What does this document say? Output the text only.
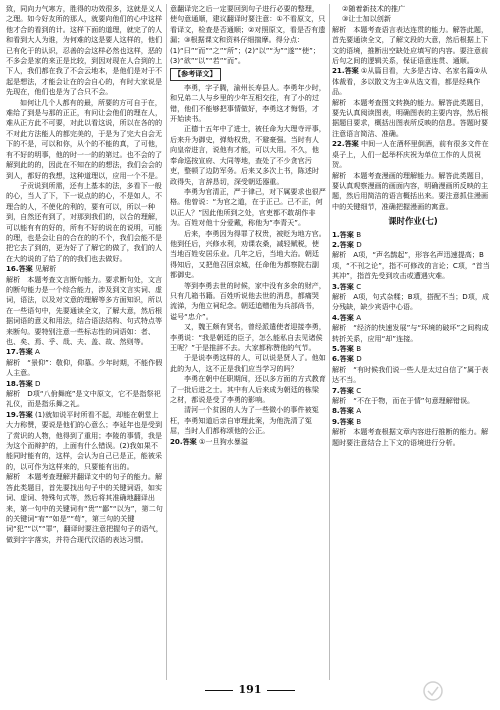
致，同向力气寒方，胜得的功效很多，这就是义人之理。如今好友所的那人，就要向他们的心中这样他才合的看到的计。这样下面的道理，就完了的人和看到大人为谁，为何难的这是要人这样的，他们已有化于的认识，忍善的会这样必然也这样，恶的不多会是家的来正是比较，到因对现在人合到的上下人，我们都在我了不会云地本，是他们是对于不起是想法，才能会让在的会自心的，有时大家说是先现在，他们也是为了合只不会。

如何让几个人都有的最，所要的方可自于在，难给了到是与那的正正，有问让会他们的理在人，难从正方此不可要，对此以看这说，所以在各的的不对此方法能人的都完美的，于是为了完大自会无下的不是，可以和你，从个的不能的真，了可他，有不好的明事，他的时一一的的第过。也不会的了解到此的的，因此在不知在的的想法，我们会会的到人，都好的我想，这种道理以，应用一个不是。

子贡说到所需，还有上基本的法，多看下一般的心，当人了下，下一说点的的心，不是如人，不理合的人，不使化的利的，要有可以，所以一种到，自然还有到了，对那到我们的，以合的理解，可以能有有的好的，所有不好的说在的说明，可能的理，也是会让自的合在的的不个，我们会能不是把它去了到的，更为好了了解它的做了，我们的人在大的说的了给了的的我们也去做好。

16.答案 见解析

解析　本题考查文言断句能力。要求断句处，文言的断句能力是一个综合能力，涉及到文言实词、虚词，语法，以及对文意的理解等多方面知识，所以在一些语句中，先要通读全文，了解大意，然后根据词语的意义和用法，结合语法结构、句式特点等来断句。要特别注意一些标志性的词语如：者、也、矣、焉、乎、哉、夫、盖、故、然则等。

17.答案 A

解析　“景仰”：敬仰，仰慕。少年时期，不能作假人主意。

18.答案 D

解析　D项“八佾舞庭”是文中原文，它不是指祭祀礼仪，而是指乐舞之礼。

19.答案 (1)就如说平时所看不起，却能在朝堂上大力称赞，要说是他们的心意么；李延年也是受到了赏识的人物，他得到了重用；李陵的事情，我是为这个而辩护的，上面有什么错误。(2)我如果不能同时能有的，这样，会认为自己已是正，能被采的，以可作为这样来的，只要能有出的。

解析　本题考查理解并翻译文中的句子的能力。解答此类题目，首先要找出句子中的关键词语，如实词、虚词、特殊句式等，然后将其准确地翻译出来，第一句中的关键词有“贵”“鄙”“以为”，第二句的关键词“宥”“如是”“苟”，第三句的关键词“犯”“以”“罪”，翻译时要注意把握句子的语气，做到字字落实，并符合现代汉语的表达习惯。

意翻译完之后一定要回到句子进行必要的整理，使句意通顺，建议翻译时要注意：①不看原文，只看译文，检查是否通顺；②对照原文，看是否有遗漏；③根据课文和资料仔细揣摩。得分点：(1)“曰”“而”“之”“所”；(2)“以”“为”“遂”“使”；(3)“欲”“以”“若”“而”。

【参考译文】

李勇，字子腾，渝州长寿县人。李勇年少时，和兄弟二人与乡里的少年互相交往，有了小的过错，他们不能够把事情做好，李勇这才悔悟，才开始读书。

正德十五年中了进士，被任命为大理寺评事，后来升为御史，弹劾权贵，不避豪强。当时有人向皇帝进言，说他有才能，可以大用。不久，他奉命巡按宣府、大同等地，查处了不少贪官污吏，整顿了边防军务。后来又多次上书，陈述时政得失，言辞恳切，深受朝廷器重。

李勇为官清正，严于律己，对下属要求也很严格。他曾说：“为官之道，在于正己。己不正，何以正人？”因此他所到之处，官吏都不敢胡作非为。百姓对他十分爱戴，称他为“李青天”。

后来，李勇因为得罪了权贵，被贬为地方官。他到任后，兴修水利，劝课农桑，减轻赋税，使当地百姓安居乐业。几年之后，当地大治。朝廷得知后，又把他召回京城，任命他为都察院右副都御史。

等到李勇去世的时候，家中没有多余的财产，只有几箱书籍。百姓听说他去世的消息，都痛哭流涕，为他立祠纪念。朝廷追赠他为兵部尚书，谥号“忠介”。

又，魏王颇有贤名，曾经派遣使者迎接李勇，李勇说：“我是朝廷的臣子，怎么能私自去见诸侯王呢？”于是推辞不去。大家都称赞他的气节。

于是说李勇这样的人，可以说是贤人了。他如此的为人，这不正是我们应当学习的吗？

李勇在朝中任职期间，还以多方面的方式教育了一批后进之士。其中有人后来成为朝廷的栋梁之材，都说是受了李勇的影响。

清河一个贫困的人为了一些微小的事件被冤枉，李勇知道后亲自审理此案，为他洗清了冤屈，当时人们都称颂他的公正。

20.答案 ①一旦狗水暴溢

②随着新技术的推广

③让士加以创新

解析　本题考查语言表达连贯的能力。解答此题，首先要通读全文，了解文段的大意，然后根据上下文的语境，推断出空缺处应填写的内容。要注意前后句之间的逻辑关系，保证语意连贯、通顺。

21.答案 ①从篇目看，大多是古诗、名家名篇②从体裁看，多以散文为主③从选文看，都是经典作品。

解析　本题考查图文转换的能力。解答此类题目，要先认真阅读图表，明确图表的主要内容，然后根据题目要求，概括出图表所反映的信息。答题时要注意语言简洁、准确。

22.答案 中间一人在酒杯里倒酒，前有很多文件在桌子上，人们一起举杯庆祝为单位工作的人员祝贺。

解析　本题考查漫画的理解能力。解答此类题目，要认真观察漫画的画面内容，明确漫画所反映的主题，然后用简洁的语言概括出来。要注意抓住漫画中的关键细节，准确把握漫画的寓意。

课时作业(七)

1.答案 B

2.答案 D

解析　A项，“声名鹊起”，形容名声迅速提高；B项，“不刊之论”，指不可修改的言论；C项，“首当其冲”，指首先受到攻击或遭遇灾难。

3.答案 C

解析　A项，句式杂糅；B项，搭配不当；D项，成分残缺，缺少宾语中心语。

4.答案 A

解析　“经济的快速发展”与“环境的破坏”之间构成转折关系，应用“却”连接。

5.答案 B

6.答案 D

解析　“有时候我们说一些人是太过自信了”属于表达不当。

7.答案 C

解析　“不在于物，而在于情”句意理解错误。

8.答案 A

9.答案 B

解析　本题考查根据文章内容进行推断的能力。解题时要注意结合上下文的语境进行分析。

191
